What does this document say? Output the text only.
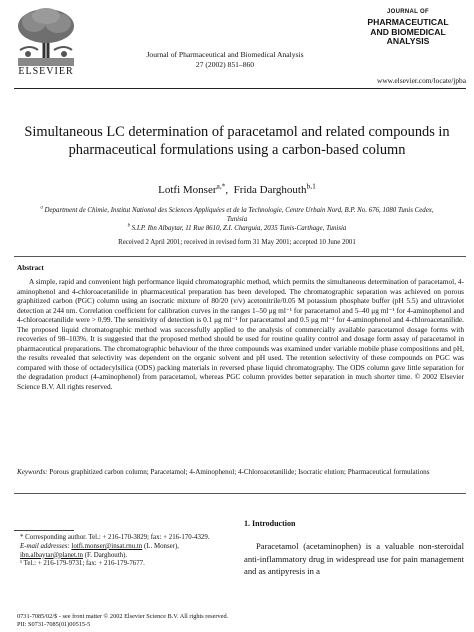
ELSEVIER
Journal of Pharmaceutical and Biomedical Analysis
27 (2002) 851–860
JOURNAL OF
PHARMACEUTICAL
AND BIOMEDICAL
ANALYSIS
www.elsevier.com/locate/jpba
Simultaneous LC determination of paracetamol and related compounds in pharmaceutical formulations using a carbon-based column
Lotfi Monser$^{a,*}$, Frida Darghouth$^{b,1}$
$^a$ Department de Chimie, Institut National des Sciences Appliquées et de la Technologie, Centre Urbain Nord, B.P. No. 676, 1080 Tunis Cedex, Tunisia
$^b$ S.I.P. Ibn Albaytar, 11 Rue 8610, Z.I. Charguia, 2035 Tunis-Carthage, Tunisia
Received 2 April 2001; received in revised form 31 May 2001; accepted 10 June 2001
Abstract
A simple, rapid and convenient high performance liquid chromatographic method, which permits the simultaneous determination of paracetamol, 4-aminophenol and 4-chloroacetanilide in pharmaceutical preparation has been developed. The chromatographic separation was achieved on porous graphitized carbon (PGC) column using an isocratic mixture of 80/20 (v/v) acetonitrile/0.05 M potassium phosphate buffer (pH 5.5) and ultraviolet detection at 244 nm. Correlation coefficient for calibration curves in the ranges 1–50 μg ml⁻¹ for paracetamol and 5–40 μg ml⁻¹ for 4-aminophenol and 4-chloroacetanilide were > 0.99. The sensitivity of detection is 0.1 μg ml⁻¹ for paracetamol and 0.5 μg ml⁻¹ for 4-aminophenol and 4-chloroacetanilide. The proposed liquid chromatographic method was successfully applied to the analysis of commercially available paracetamol dosage forms with recoveries of 98–103%. It is suggested that the proposed method should be used for routine quality control and dosage form assay of paracetamol in pharmaceutical preparations. The chromatographic behaviour of the three compounds was examined under variable mobile phase compositions and pH, the results revealed that selectivity was dependent on the organic solvent and pH used. The retention selectivity of these compounds on PGC was compared with those of octadecylsilica (ODS) packing materials in reversed phase liquid chromatography. The ODS column gave little separation for the degradation product (4-aminophenol) from paracetamol, whereas PGC column provides better separation in much shorter time. © 2002 Elsevier Science B.V. All rights reserved.
Keywords: Porous graphitized carbon column; Paracetamol; 4-Aminophenol; 4-Chloroacetanilide; Isocratic elution; Pharmaceutical formulations
* Corresponding author. Tel.: + 216-170-3829; fax: + 216-170-4329.
E-mail addresses: lotfi.monser@insat.rnu.tn (L. Monser), ibn.albaytar@planet.tn (F. Darghouth).
¹ Tel.: + 216-179-9731; fax: + 216-179-7677.
1. Introduction
Paracetamol (acetaminophen) is a valuable non-steroidal anti-inflammatory drug in widespread use for pain management and as antipyresis in a
0731-7085/02/$ - see front matter © 2002 Elsevier Science B.V. All rights reserved.
PII: S0731-7085(01)00515-5
